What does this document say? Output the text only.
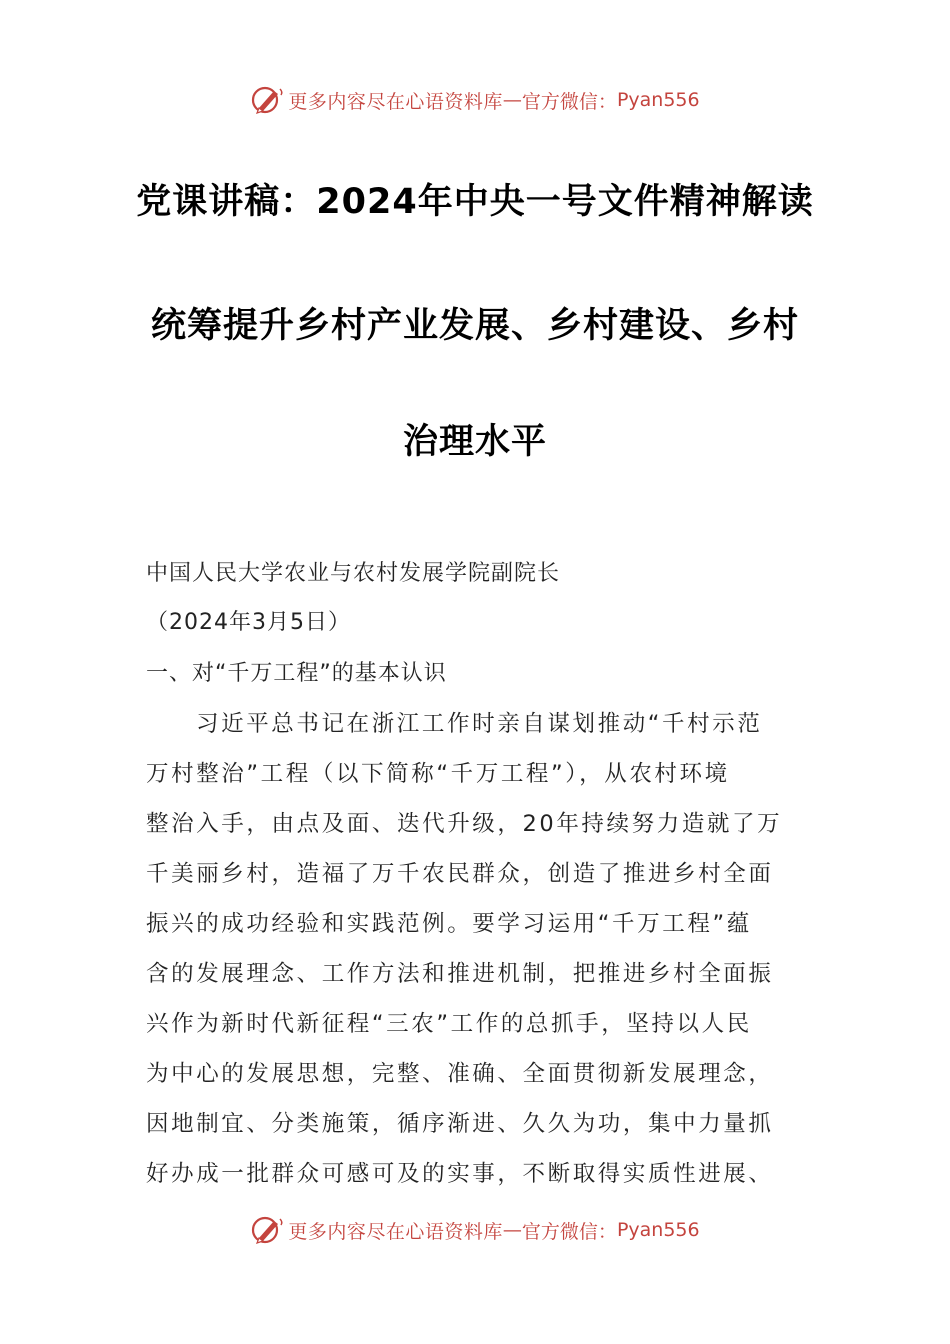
更多内容尽在心语资料库 — 官方微信： Pyan556
党课讲稿：2024年中央一号文件精神解读
统筹提升乡村产业发展、乡村建设、乡村
治理水平
中国人民大学农业与农村发展学院副院长
（2024年3月5日）
一、对“千万工程”的基本认识
习近平总书记在浙江工作时亲自谋划推动“千村示范
万村整治”工程（以下简称“千万工程”），从农村环境
整治入手，由点及面、迭代升级，20年持续努力造就了万
千美丽乡村，造福了万千农民群众，创造了推进乡村全面
振兴的成功经验和实践范例。要学习运用“千万工程”蕴
含的发展理念、工作方法和推进机制，把推进乡村全面振
兴作为新时代新征程“三农”工作的总抓手，坚持以人民
为中心的发展思想，完整、准确、全面贯彻新发展理念，
因地制宜、分类施策，循序渐进、久久为功，集中力量抓
好办成一批群众可感可及的实事，不断取得实质性进展、
更多内容尽在心语资料库 — 官方微信： Pyan556
